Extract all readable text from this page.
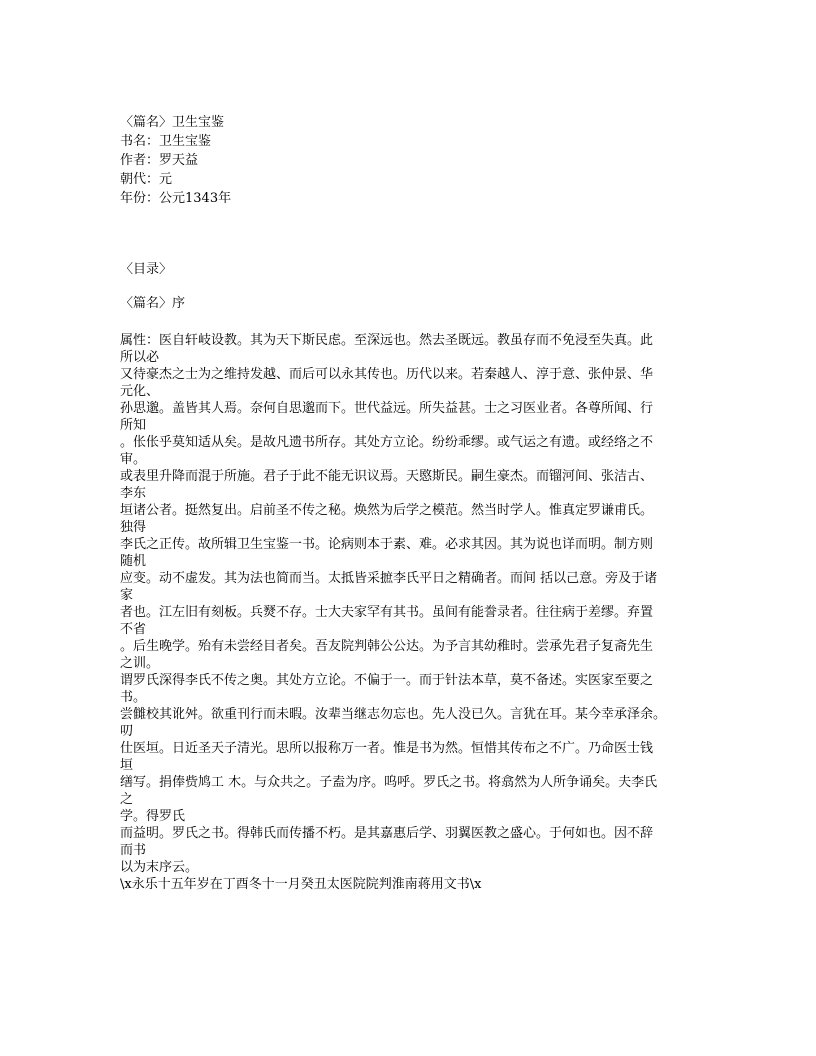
〈篇名〉卫生宝鉴

书名：卫生宝鉴

作者：罗天益

朝代：元

年份：公元1343年

〈目录〉

〈篇名〉序

属性：医自轩岐设教。其为天下斯民虑。至深远也。然去圣既远。教虽存而不免浸至失真。此

所以必

又待豪杰之士为之维持发越、而后可以永其传也。历代以来。若秦越人、淳于意、张仲景、华

元化、

孙思邈。盖皆其人焉。奈何自思邈而下。世代益远。所失益甚。士之习医业者。各尊所闻、行

所知

。伥伥乎莫知适从矣。是故凡遗书所存。其处方立论。纷纷乖缪。或气运之有遗。或经络之不

审。

或表里升降而混于所施。君子于此不能无识议焉。天愍斯民。嗣生豪杰。而镏河间、张洁古、

李东

垣诸公者。挺然复出。启前圣不传之秘。焕然为后学之模范。然当时学人。惟真定罗谦甫氏。

独得

李氏之正传。故所辑卫生宝鉴一书。论病则本于素、难。必求其因。其为说也详而明。制方则

随机

应变。动不虚发。其为法也简而当。太抵皆采摭李氏平日之精确者。而间 括以己意。旁及于诸

家

者也。江左旧有刻板。兵燹不存。士大夫家罕有其书。虽间有能誊录者。往往病于差缪。弃置

不省

。后生晚学。殆有未尝经目者矣。吾友院判韩公公达。为予言其幼稚时。尝承先君子复斋先生

之训。

谓罗氏深得李氏不传之奥。其处方立论。不偏于一。而于针法本草，莫不备述。实医家至要之

书。

尝雠校其讹舛。欲重刊行而未暇。汝辈当继志勿忘也。先人没已久。言犹在耳。某今幸承泽余。

叨

仕医垣。日近圣天子清光。思所以报称万一者。惟是书为然。恒惜其传布之不广。乃命医士钱

垣

缮写。捐俸赀鸠工 木。与众共之。子盍为序。呜呼。罗氏之书。将翕然为人所争诵矣。夫李氏

之

学。得罗氏

而益明。罗氏之书。得韩氏而传播不朽。是其嘉惠后学、羽翼医教之盛心。于何如也。因不辞

而书

以为末序云。

\x永乐十五年岁在丁酉冬十一月癸丑太医院院判淮南蒋用文书\x
